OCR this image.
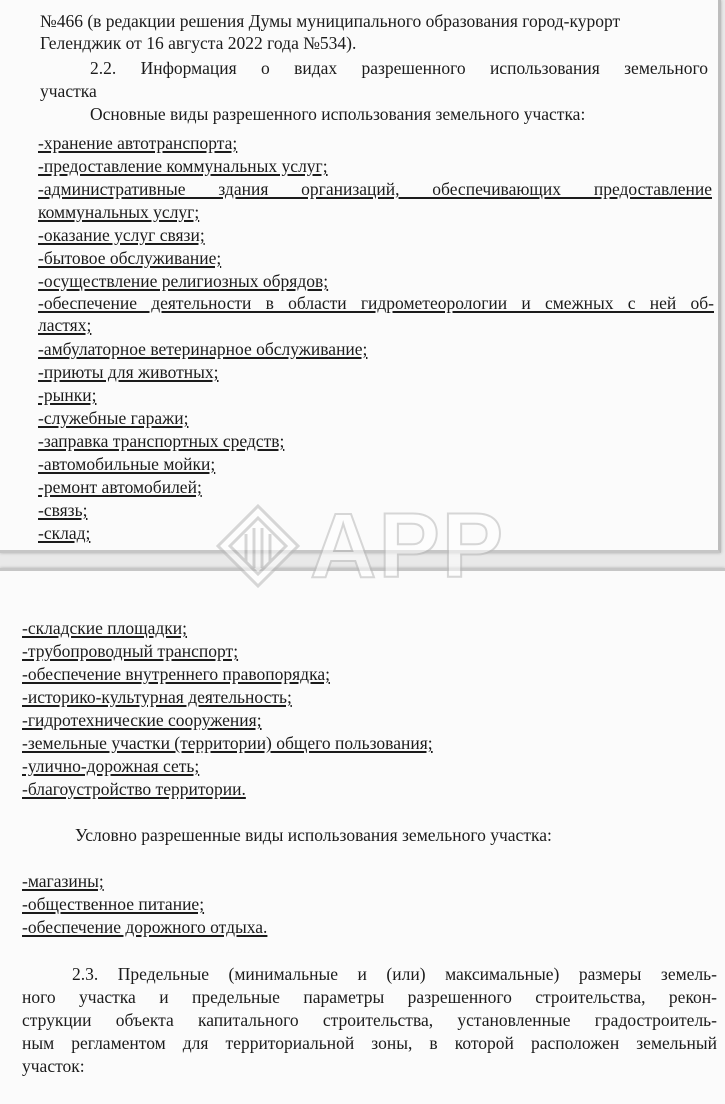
№466 (в редакции решения Думы муниципального образования город-курорт
Геленджик от 16 августа 2022 года №534).
2.2. Информация о видах разрешенного использования земельного
участка
Основные виды разрешенного использования земельного участка:
-хранение автотранспорта;
-предоставление коммунальных услуг;
-административные здания организаций, обеспечивающих предоставление
коммунальных услуг;
-оказание услуг связи;
-бытовое обслуживание;
-осуществление религиозных обрядов;
-обеспечение деятельности в области гидрометеорологии и смежных с ней об-
ластях;
-амбулаторное ветеринарное обслуживание;
-приюты для животных;
-рынки;
-служебные гаражи;
-заправка транспортных средств;
-автомобильные мойки;
-ремонт автомобилей;
-связь;
-склад;
-складские площадки;
-трубопроводный транспорт;
-обеспечение внутреннего правопорядка;
-историко-культурная деятельность;
-гидротехнические сооружения;
-земельные участки (территории) общего пользования;
-улично-дорожная сеть;
-благоустройство территории.
Условно разрешенные виды использования земельного участка:
-магазины;
-общественное питание;
-обеспечение дорожного отдыха.
2.3. Предельные (минимальные и (или) максимальные) размеры земель-
ного участка и предельные параметры разрешенного строительства, рекон-
струкции объекта капитального строительства, установленные градостроитель-
ным регламентом для территориальной зоны, в которой расположен земельный
участок:
APP
